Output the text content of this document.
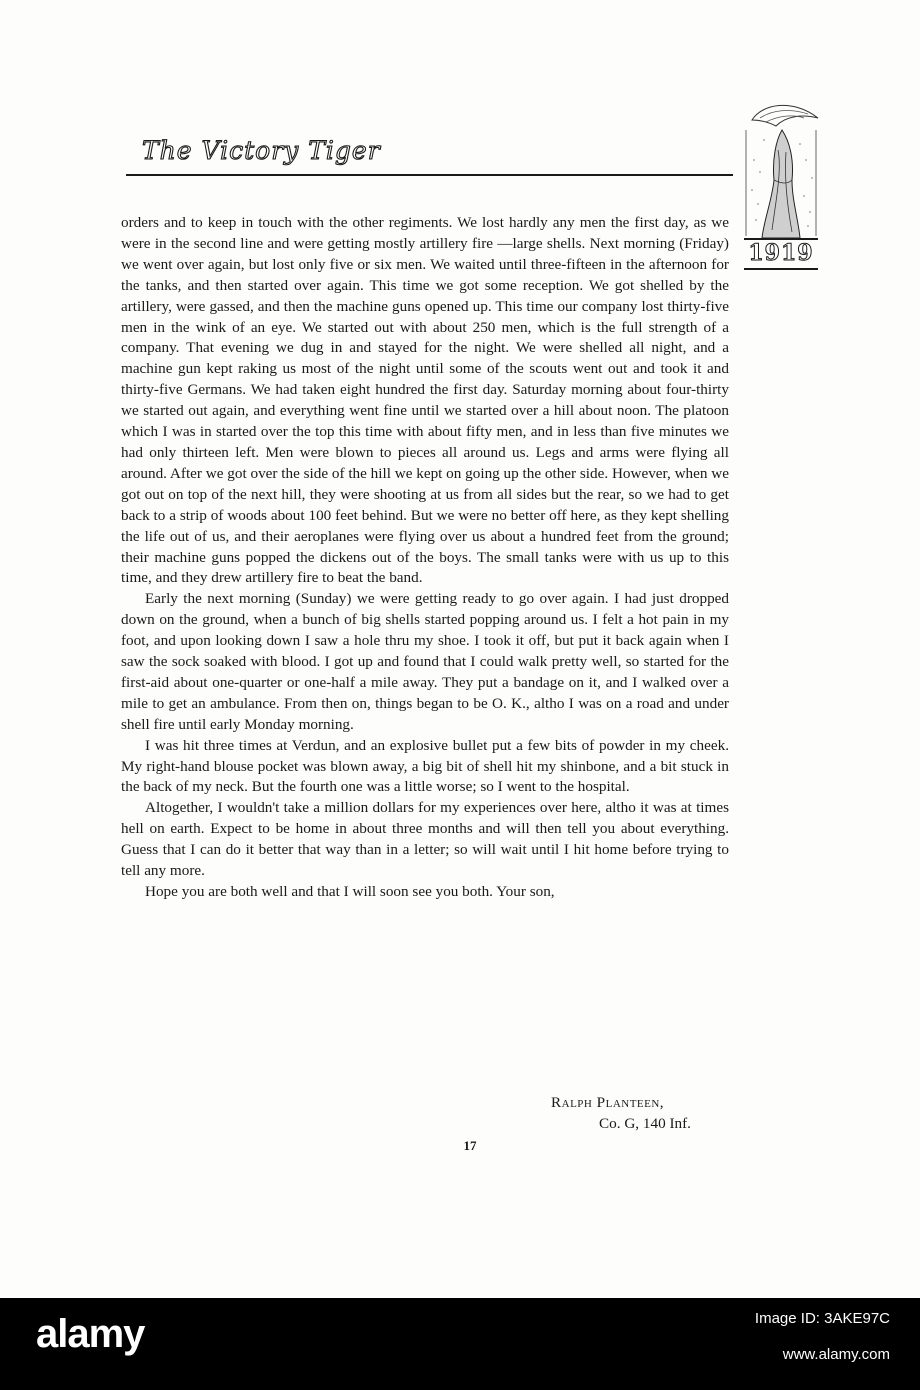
The Victory Tiger
1919

orders and to keep in touch with the other regiments. We lost hardly any men the first day, as we were in the second line and were getting mostly artillery fire —large shells. Next morning (Friday) we went over again, but lost only five or six men. We waited until three-fifteen in the afternoon for the tanks, and then started over again. This time we got some reception. We got shelled by the artillery, were gassed, and then the machine guns opened up. This time our company lost thirty-five men in the wink of an eye. We started out with about 250 men, which is the full strength of a company. That evening we dug in and stayed for the night. We were shelled all night, and a machine gun kept raking us most of the night until some of the scouts went out and took it and thirty-five Germans. We had taken eight hundred the first day. Saturday morning about four-thirty we started out again, and everything went fine until we started over a hill about noon. The platoon which I was in started over the top this time with about fifty men, and in less than five minutes we had only thirteen left. Men were blown to pieces all around us. Legs and arms were flying all around. After we got over the side of the hill we kept on going up the other side. However, when we got out on top of the next hill, they were shooting at us from all sides but the rear, so we had to get back to a strip of woods about 100 feet behind. But we were no better off here, as they kept shelling the life out of us, and their aeroplanes were flying over us about a hundred feet from the ground; their machine guns popped the dickens out of the boys. The small tanks were with us up to this time, and they drew artillery fire to beat the band.

Early the next morning (Sunday) we were getting ready to go over again. I had just dropped down on the ground, when a bunch of big shells started popping around us. I felt a hot pain in my foot, and upon looking down I saw a hole thru my shoe. I took it off, but put it back again when I saw the sock soaked with blood. I got up and found that I could walk pretty well, so started for the first-aid about one-quarter or one-half a mile away. They put a bandage on it, and I walked over a mile to get an ambulance. From then on, things began to be O. K., altho I was on a road and under shell fire until early Monday morning.

I was hit three times at Verdun, and an explosive bullet put a few bits of powder in my cheek. My right-hand blouse pocket was blown away, a big bit of shell hit my shinbone, and a bit stuck in the back of my neck. But the fourth one was a little worse; so I went to the hospital.

Altogether, I wouldn't take a million dollars for my experiences over here, altho it was at times hell on earth. Expect to be home in about three months and will then tell you about everything. Guess that I can do it better that way than in a letter; so will wait until I hit home before trying to tell any more.

Hope you are both well and that I will soon see you both. Your son,

Ralph Planteen,
Co. G, 140 Inf.
17
alamy	Image ID: 3AKE97C
www.alamy.com
